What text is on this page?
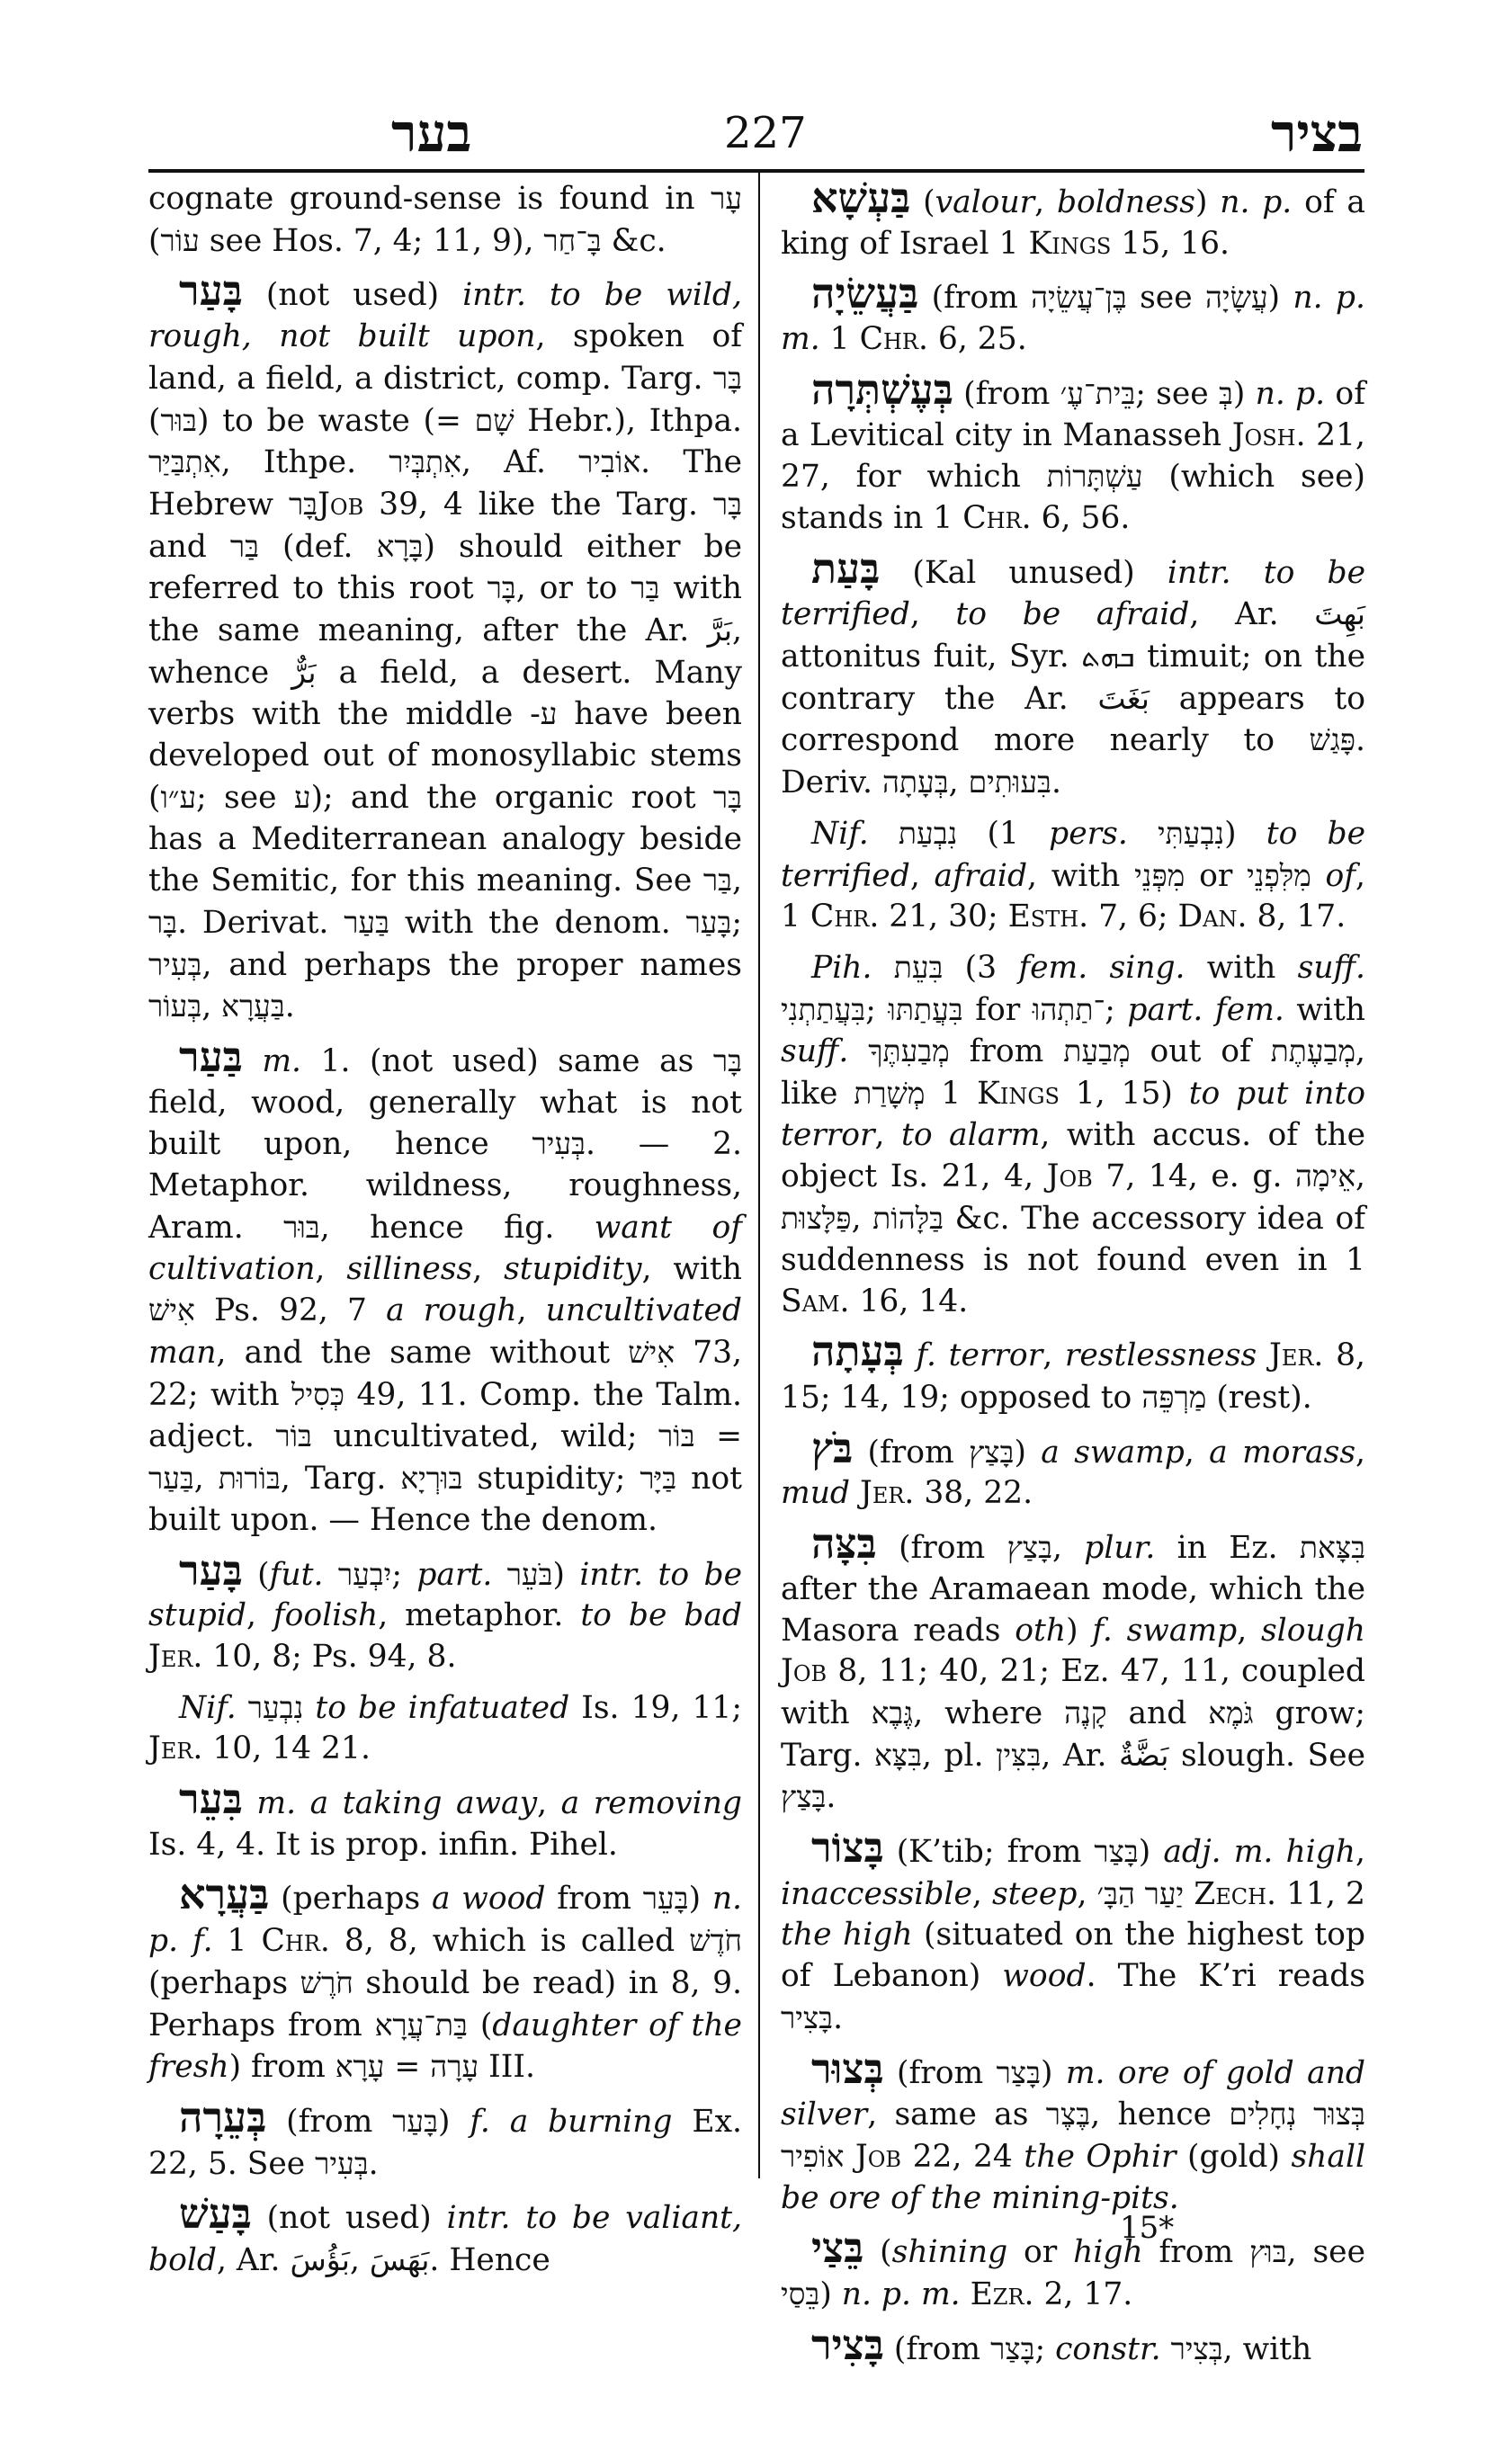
בער	227	בציר

cognate ground-sense is found in עָר (עוֹר see Hos. 7, 4; 11, 9), בָּ־חַר &c.

בָּעַר (not used) intr. to be wild, rough, not built upon, spoken of land, a field, a district, comp. Targ. בָּר (בּוּר) to be waste (= שָׁם Hebr.), Ithpa. אִתְבַּיַּר, Ithpe. אִתְבְּיִר, Af. אוֹבִיר. The Hebrew בָּרJob 39, 4 like the Targ. בָּר and בַּר (def. בָּרָא) should either be referred to this root בָּר, or to בַּר with the same meaning, after the Ar. بَرَّ, whence بَرٌّ a field, a desert. Many verbs with the middle -ע have been developed out of monosyllabic stems (ע״ו; see ע); and the organic root בָּר has a Mediterranean analogy beside the Semitic, for this meaning. See בַּר, בָּר. Derivat. בַּעַר with the denom. בָּעַר; בְּעִיר, and perhaps the proper names בְּעוֹר, בַּעֲרָא.

בַּעַר m. 1. (not used) same as בָּר field, wood, generally what is not built upon, hence בְּעִיר. — 2. Metaphor. wildness, roughness, Aram. בּוּר, hence fig. want of cultivation, silliness, stupidity, with אִישׁ Ps. 92, 7 a rough, uncultivated man, and the same without אִישׁ 73, 22; with כְּסִיל 49, 11. Comp. the Talm. adject. בּוֹר uncultivated, wild; בּוֹר = בַּעַר, בּוֹרוּת, Targ. בּוּרְיָא stupidity; בַּיָּר not built upon. — Hence the denom.

בָּעַר (fut. יִבְעַר; part. בֹּעֵר) intr. to be stupid, foolish, metaphor. to be bad Jer. 10, 8; Ps. 94, 8.

Nif. נִבְעַר to be infatuated Is. 19, 11; Jer. 10, 14 21.

בִּעֵר m. a taking away, a removing Is. 4, 4. It is prop. infin. Pihel.

בַּעֲרָא (perhaps a wood from בָּעֵר) n. p. f. 1 Chr. 8, 8, which is called חֹדֶשׁ (perhaps חֹרֶשׁ should be read) in 8, 9. Perhaps from בַּת־עֲרָא (daughter of the fresh) from עָרָא = עָרָה III.

בְּעֵרָה (from בָּעַר) f. a burning Ex. 22, 5. See בְּעִיר.

בָּעַשׁ (not used) intr. to be valiant, bold, Ar. بَؤُسَ, بَهَسَ. Hence

בַּעְשָׁא (valour, boldness) n. p. of a king of Israel 1 Kings 15, 16.

בַּעֲשֵׂיָה (from בֶּן־עֲשֵׂיָה see עֲשָׂיָה) n. p. m. 1 Chr. 6, 25.

בְּעֶשְׁתְּרָה (from בֵּית־עֶ׳; see בְּ) n. p. of a Levitical city in Manasseh Josh. 21, 27, for which עַשְׁתָּרוֹת (which see) stands in 1 Chr. 6, 56.

בָּעַת (Kal unused) intr. to be terrified, to be afraid, Ar. بَهِتَ attonitus fuit, Syr. ܒܗܬ timuit; on the contrary the Ar. بَغَتَ appears to correspond more nearly to פָּגַשׁ. Deriv. בְּעָתָה, בִּעוּתִים.

Nif. נִבְעַת (1 pers. נִבְעַתִּי) to be terrified, afraid, with מִפְּנֵי or מִלִּפְנֵי of, 1 Chr. 21, 30; Esth. 7, 6; Dan. 8, 17.

Pih. בִּעֵת (3 fem. sing. with suff. בִּעֲתַתְנִי; בִּעֲתַתּוּ for ־תַתְהוּ; part. fem. with suff. מְבַעִתֶּךָ from מְבַעַת out of מְבַעֶתֶת, like מְשָׁרַת 1 Kings 1, 15) to put into terror, to alarm, with accus. of the object Is. 21, 4, Job 7, 14, e. g. אֵימָה, פַּלָּצוּת, בַּלָּהוֹת &c. The accessory idea of suddenness is not found even in 1 Sam. 16, 14.

בְּעָתָה f. terror, restlessness Jer. 8, 15; 14, 19; opposed to מַרְפֵּה (rest).

בֹּץ (from בָּצַץ) a swamp, a morass, mud Jer. 38, 22.

בִּצָּה (from בָּצַץ, plur. in Ez. בִּצָּאת after the Aramaean mode, which the Masora reads oth) f. swamp, slough Job 8, 11; 40, 21; Ez. 47, 11, coupled with גֶּבֶא, where קָנֶה and גֹּמֶא grow; Targ. בִּצָּא, pl. בִּצִּין, Ar. بَضَّةٌ slough. See בָּצַץ.

בָּצוֹר (K’tib; from בָּצַר) adj. m. high, inaccessible, steep, יַעַר הַבָּ׳ Zech. 11, 2 the high (situated on the highest top of Lebanon) wood. The K’ri reads בָּצִיר.

בְּצוּר (from בָּצַר) m. ore of gold and silver, same as בֶּצֶר, hence בְּצוּר נְחָלִים אוֹפִיר Job 22, 24 the Ophir (gold) shall be ore of the mining-pits.

בֵּצַי (shining or high from בּוּץ, see בֵּסַי) n. p. m. Ezr. 2, 17.

בָּצִיר (from בָּצַר; constr. בְּצִיר, with

15*
